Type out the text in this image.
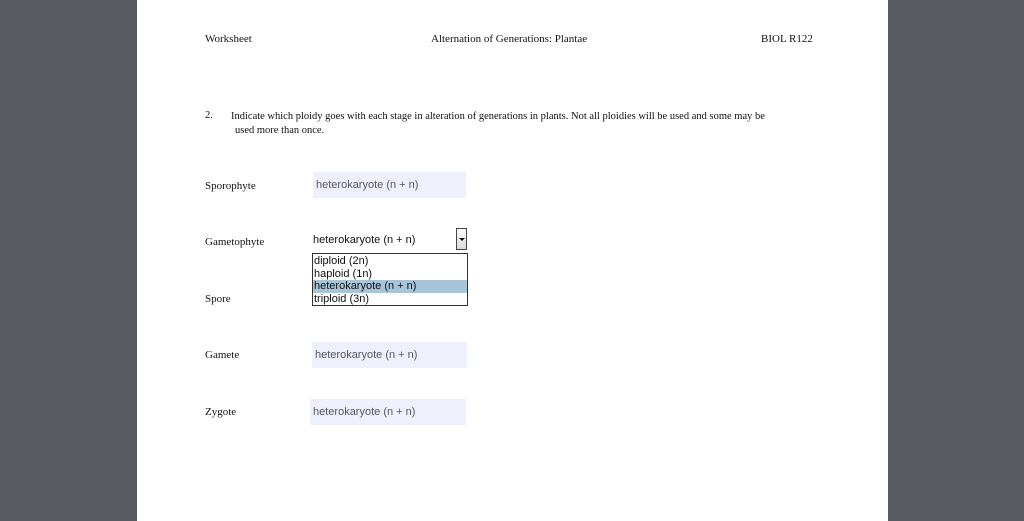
Worksheet	Alternation of Generations: Plantae	BIOL R122
2. Indicate which ploidy goes with each stage in alteration of generations in plants. Not all ploidies will be used and some may be
used more than once.
Sporophyte	heterokaryote (n + n)
Gametophyte	heterokaryote (n + n)
diploid (2n)
haploid (1n)
heterokaryote (n + n)
triploid (3n)
Spore
Gamete	heterokaryote (n + n)
Zygote	heterokaryote (n + n)
